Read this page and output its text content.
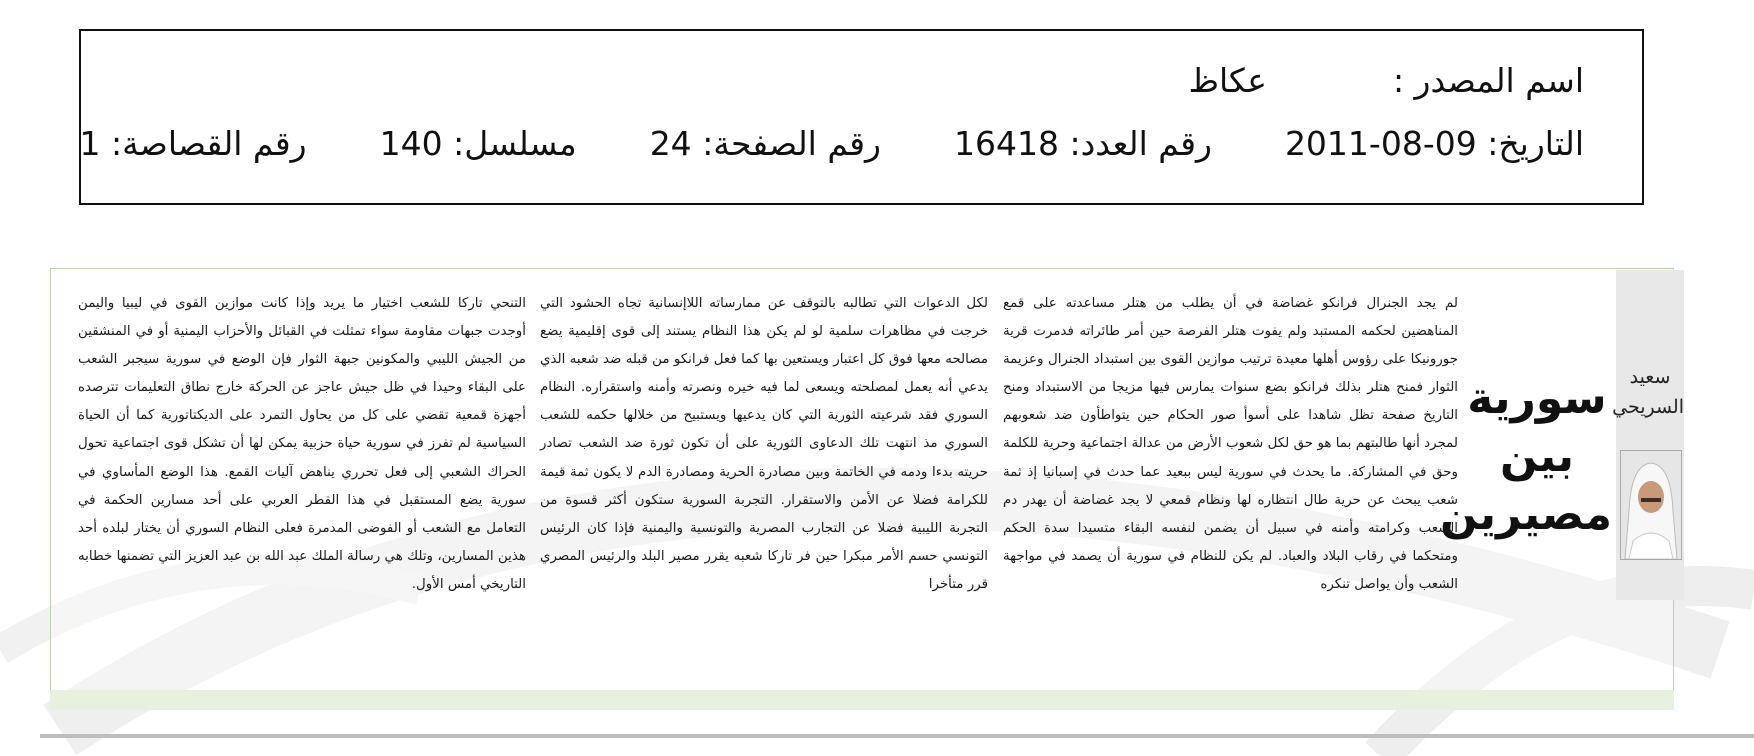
اسم المصدر :  عكاظ
التاريخ: 2011-08-09  رقم العدد: 16418  رقم الصفحة: 24  مسلسل: 140  رقم القصاصة: 1
سعيد السريحي
سورية
بين
مصيرين
لم يجد الجنرال فرانكو غضاضة في أن يطلب من هتلر مساعدته على قمع المناهضين لحكمه المستبد ولم يفوت هتلر الفرصة حين أمر طائراته فدمرت قرية جورونيكا على رؤوس أهلها معيدة ترتيب موازين القوى بين استبداد الجنرال وعزيمة الثوار فمنح هتلر بذلك فرانكو بضع سنوات يمارس فيها مزيجا من الاستبداد ومنح التاريخ صفحة تظل شاهدا على أسوأ صور الحكام حين يتواطأون ضد شعوبهم لمجرد أنها طالبتهم بما هو حق لكل شعوب الأرض من عدالة اجتماعية وحرية للكلمة وحق في المشاركة. ما يحدث في سورية ليس ببعيد عما حدث في إسبانيا إذ ثمة شعب يبحث عن حرية طال انتظاره لها ونظام قمعي لا يجد غضاضة أن يهدر دم الشعب وكرامته وأمنه في سبيل أن يضمن لنفسه البقاء متسيدا سدة الحكم ومتحكما في رقاب البلاد والعباد. لم يكن للنظام في سورية أن يصمد في مواجهة الشعب وأن يواصل تنكره
لكل الدعوات التي تطالبه بالتوقف عن ممارساته اللاإنسانية تجاه الحشود التي خرجت في مظاهرات سلمية لو لم يكن هذا النظام يستند إلى قوى إقليمية يضع مصالحه معها فوق كل اعتبار ويستعين بها كما فعل فرانكو من قبله ضد شعبه الذي يدعي أنه يعمل لمصلحته ويسعى لما فيه خيره ونصرته وأمنه واستقراره. النظام السوري فقد شرعيته الثورية التي كان يدعيها ويستبيح من خلالها حكمه للشعب السوري مذ انتهت تلك الدعاوى الثورية على أن تكون ثورة ضد الشعب تصادر حريته بدءا ودمه في الخاتمة وبين مصادرة الحرية ومصادرة الدم لا يكون ثمة قيمة للكرامة فضلا عن الأمن والاستقرار. التجربة السورية ستكون أكثر قسوة من التجربة الليبية فضلا عن التجارب المصرية والتونسية واليمنية فإذا كان الرئيس التونسي حسم الأمر مبكرا حين فر تاركا شعبه يقرر مصير البلد والرئيس المصري قرر متأخرا
التنحي تاركا للشعب اختيار ما يريد وإذا كانت موازين القوى في ليبيا واليمن أوجدت جبهات مقاومة سواء تمثلت في القبائل والأحزاب اليمنية أو في المنشقين من الجيش الليبي والمكونين جبهة الثوار فإن الوضع في سورية سيجبر الشعب على البقاء وحيدا في ظل جيش عاجز عن الحركة خارج نطاق التعليمات تترصده أجهزة قمعية تقضي على كل من يحاول التمرد على الديكتاتورية كما أن الحياة السياسية لم تفرز في سورية حياة حزبية يمكن لها أن تشكل قوى اجتماعية تحول الحراك الشعبي إلى فعل تحرري يناهض آليات القمع. هذا الوضع المأساوي في سورية يضع المستقبل في هذا القطر العربي على أحد مسارين الحكمة في التعامل مع الشعب أو الفوضى المدمرة فعلى النظام السوري أن يختار لبلده أحد هذين المسارين، وتلك هي رسالة الملك عبد الله بن عبد العزيز التي تضمنها خطابه التاريخي أمس الأول.
